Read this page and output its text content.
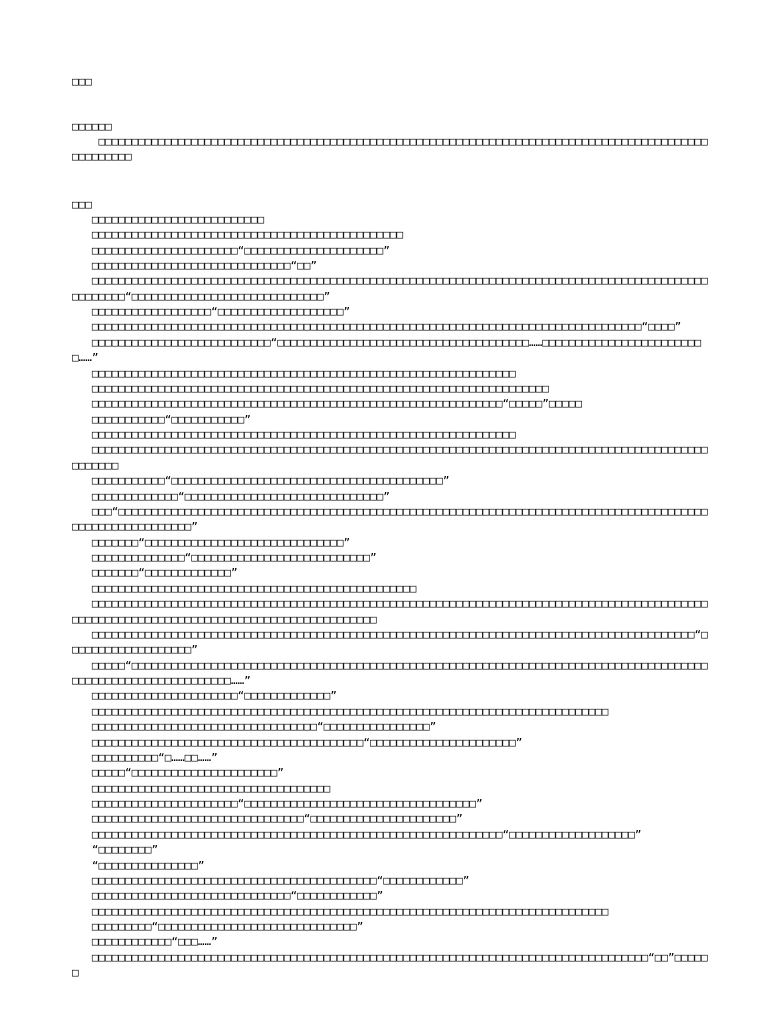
□□□
□□□□□□

□□□□□□□□□□□□□□□□□□□□□□□□□□□□□□□□□□□□□□□□□□□□□□□□□□□□□□□□□□□□□□□□□□□□□□□□□□□□□□□□□□□□□□□□□□□□□□□□□□□□□

□□□
□□□□□□□□□□□□□□□□□□□□□□□□□□
□□□□□□□□□□□□□□□□□□□□□□□□□□□□□□□□□□□□□□□□□□□□□□□
□□□□□□□□□□□□□□□□□□□□□□“□□□□□□□□□□□□□□□□□□□□□”
□□□□□□□□□□□□□□□□□□□□□□□□□□□□□□“□□”
□□□□□□□□□□□□□□□□□□□□□□□□□□□□□□□□□□□□□□□□□□□□□□□□□□□□□□□□□□□□□□□□□□□□□□□□□□□□□□□□□□□□□□□□□□□□□□□□□□□□□“□□□□□□□□□□□□□□□□□□□□□□□□□□□□□”
□□□□□□□□□□□□□□□□□□“□□□□□□□□□□□□□□□□□□□”
□□□□□□□□□□□□□□□□□□□□□□□□□□□□□□□□□□□□□□□□□□□□□□□□□□□□□□□□□□□□□□□□□□□□□□□□□□□□□□□□□□□“□□□□”
□□□□□□□□□□□□□□□□□□□□□□□□□□□“□□□□□□□□□□□□□□□□□□□□□□□□□□□□□□□□□□□□□□……□□□□□□□□□□□□□□□□□□□□□□□□□……”
□□□□□□□□□□□□□□□□□□□□□□□□□□□□□□□□□□□□□□□□□□□□□□□□□□□□□□□□□□□□□□□□
□□□□□□□□□□□□□□□□□□□□□□□□□□□□□□□□□□□□□□□□□□□□□□□□□□□□□□□□□□□□□□□□□□□□□
□□□□□□□□□□□□□□□□□□□□□□□□□□□□□□□□□□□□□□□□□□□□□□□□□□□□□□□□□□□□□□“□□□□□”□□□□□
□□□□□□□□□□□“□□□□□□□□□□□”
□□□□□□□□□□□□□□□□□□□□□□□□□□□□□□□□□□□□□□□□□□□□□□□□□□□□□□□□□□□□□□□□
□□□□□□□□□□□□□□□□□□□□□□□□□□□□□□□□□□□□□□□□□□□□□□□□□□□□□□□□□□□□□□□□□□□□□□□□□□□□□□□□□□□□□□□□□□□□□□□□□□□□
□□□□□□□□□□□“□□□□□□□□□□□□□□□□□□□□□□□□□□□□□□□□□□□□□□□□□”
□□□□□□□□□□□□□“□□□□□□□□□□□□□□□□□□□□□□□□□□□□□□”
□□□“□□□□□□□□□□□□□□□□□□□□□□□□□□□□□□□□□□□□□□□□□□□□□□□□□□□□□□□□□□□□□□□□□□□□□□□□□□□□□□□□□□□□□□□□□□□□□□□□□□□□□□□□□□□”
□□□□□□□“□□□□□□□□□□□□□□□□□□□□□□□□□□□□□□”
□□□□□□□□□□□□□□“□□□□□□□□□□□□□□□□□□□□□□□□□□□”
□□□□□□□“□□□□□□□□□□□□□”
□□□□□□□□□□□□□□□□□□□□□□□□□□□□□□□□□□□□□□□□□□□□□□□□□
□□□□□□□□□□□□□□□□□□□□□□□□□□□□□□□□□□□□□□□□□□□□□□□□□□□□□□□□□□□□□□□□□□□□□□□□□□□□□□□□□□□□□□□□□□□□□□□□□□□□□□□□□□□□□□□□□□□□□□□□□□□□□□□□□□□□□□□□□□□
□□□□□□□□□□□□□□□□□□□□□□□□□□□□□□□□□□□□□□□□□□□□□□□□□□□□□□□□□□□□□□□□□□□□□□□□□□□□□□□□□□□□□□□□□□□“□□□□□□□□□□□□□□□□□□□”
□□□□□“□□□□□□□□□□□□□□□□□□□□□□□□□□□□□□□□□□□□□□□□□□□□□□□□□□□□□□□□□□□□□□□□□□□□□□□□□□□□□□□□□□□□□□□□□□□□□□□□□□□□□□□□□□□□□□□……”
□□□□□□□□□□□□□□□□□□□□□□“□□□□□□□□□□□□□”
□□□□□□□□□□□□□□□□□□□□□□□□□□□□□□□□□□□□□□□□□□□□□□□□□□□□□□□□□□□□□□□□□□□□□□□□□□□□□□
□□□□□□□□□□□□□□□□□□□□□□□□□□□□□□□□□□“□□□□□□□□□□□□□□□□”
□□□□□□□□□□□□□□□□□□□□□□□□□□□□□□□□□□□□□□□□□“□□□□□□□□□□□□□□□□□□□□□□”
□□□□□□□□□□“□……□□……”
□□□□□“□□□□□□□□□□□□□□□□□□□□□□”
□□□□□□□□□□□□□□□□□□□□□□□□□□□□□□□□□□□□
□□□□□□□□□□□□□□□□□□□□□□“□□□□□□□□□□□□□□□□□□□□□□□□□□□□□□□□□□□”
□□□□□□□□□□□□□□□□□□□□□□□□□□□□□□□□“□□□□□□□□□□□□□□□□□□□□□□”
□□□□□□□□□□□□□□□□□□□□□□□□□□□□□□□□□□□□□□□□□□□□□□□□□□□□□□□□□□□□□□“□□□□□□□□□□□□□□□□□□□”
“□□□□□□□□”
“□□□□□□□□□□□□□□□”
□□□□□□□□□□□□□□□□□□□□□□□□□□□□□□□□□□□□□□□□□□□“□□□□□□□□□□□□”
□□□□□□□□□□□□□□□□□□□□□□□□□□□□□□“□□□□□□□□□□□□”
□□□□□□□□□□□□□□□□□□□□□□□□□□□□□□□□□□□□□□□□□□□□□□□□□□□□□□□□□□□□□□□□□□□□□□□□□□□□□□
□□□□□□□□□“□□□□□□□□□□□□□□□□□□□□□□□□□□□□□□”
□□□□□□□□□□□□“□□□……”
□□□□□□□□□□□□□□□□□□□□□□□□□□□□□□□□□□□□□□□□□□□□□□□□□□□□□□□□□□□□□□□□□□□□□□□□□□□□□□□□□□□□“□□”□□□□□□
